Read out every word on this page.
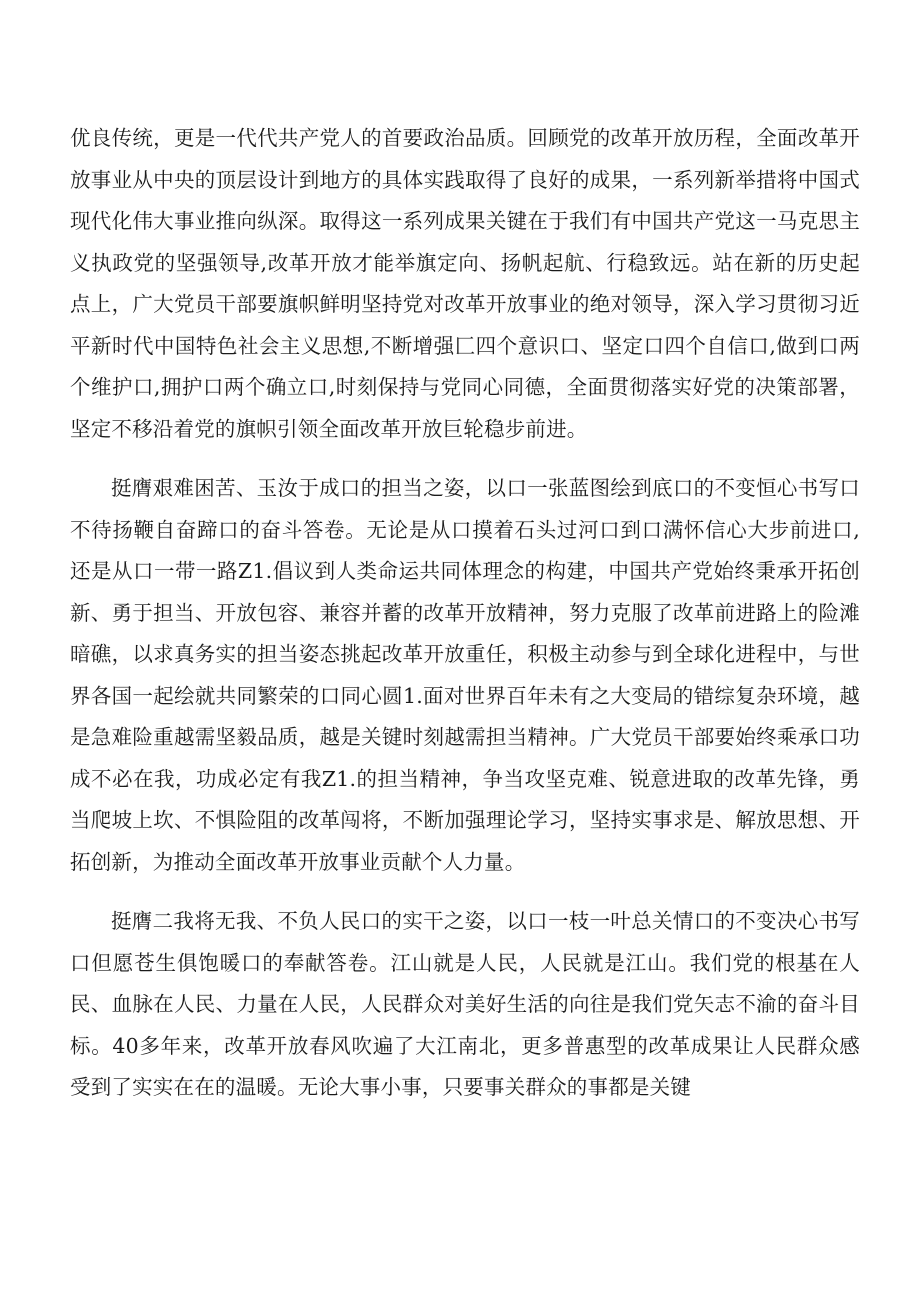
优良传统，更是一代代共产党人的首要政治品质。回顾党的改革开放历程，全面改革开放事业从中央的顶层设计到地方的具体实践取得了良好的成果，一系列新举措将中国式现代化伟大事业推向纵深。取得这一系列成果关键在于我们有中国共产党这一马克思主义执政党的坚强领导,改革开放才能举旗定向、扬帆起航、行稳致远。站在新的历史起点上，广大党员干部要旗帜鲜明坚持党对改革开放事业的绝对领导，深入学习贯彻习近平新时代中国特色社会主义思想,不断增强匚四个意识口、坚定口四个自信口,做到口两个维护口,拥护口两个确立口,时刻保持与党同心同德，全面贯彻落实好党的决策部署，坚定不移沿着党的旗帜引领全面改革开放巨轮稳步前进。

挺膺艰难困苦、玉汝于成口的担当之姿，以口一张蓝图绘到底口的不变恒心书写口不待扬鞭自奋蹄口的奋斗答卷。无论是从口摸着石头过河口到口满怀信心大步前进口,还是从口一带一路Z1.倡议到人类命运共同体理念的构建，中国共产党始终秉承开拓创新、勇于担当、开放包容、兼容并蓄的改革开放精神，努力克服了改革前进路上的险滩暗礁，以求真务实的担当姿态挑起改革开放重任，积极主动参与到全球化进程中，与世界各国一起绘就共同繁荣的口同心圆1.面对世界百年未有之大变局的错综复杂环境，越是急难险重越需坚毅品质，越是关键时刻越需担当精神。广大党员干部要始终乘承口功成不必在我，功成必定有我Z1.的担当精神，争当攻坚克难、锐意进取的改革先锋，勇当爬坡上坎、不惧险阻的改革闯将，不断加强理论学习，坚持实事求是、解放思想、开拓创新，为推动全面改革开放事业贡献个人力量。

挺膺二我将无我、不负人民口的实干之姿，以口一枝一叶总关情口的不变决心书写口但愿苍生俱饱暖口的奉献答卷。江山就是人民，人民就是江山。我们党的根基在人民、血脉在人民、力量在人民，人民群众对美好生活的向往是我们党矢志不渝的奋斗目标。40多年来，改革开放春风吹遍了大江南北，更多普惠型的改革成果让人民群众感受到了实实在在的温暖。无论大事小事，只要事关群众的事都是关键
